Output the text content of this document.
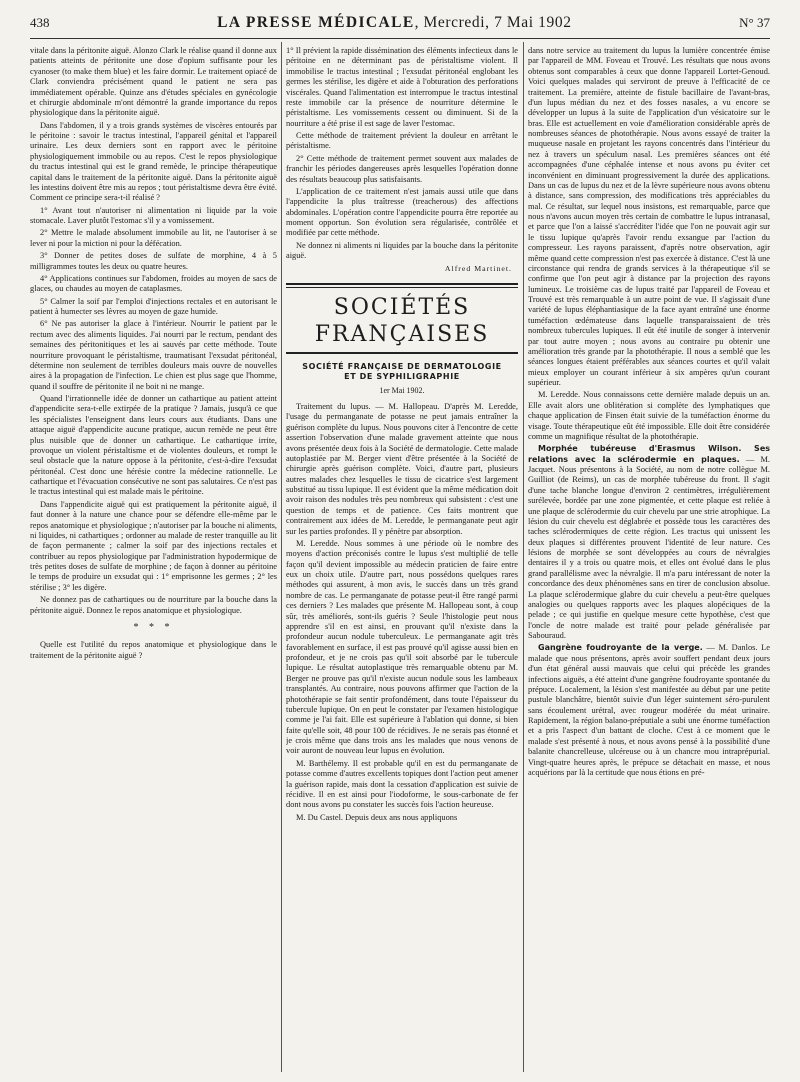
438	LA PRESSE MÉDICALE, Mercredi, 7 Mai 1902	N° 37

vitale dans la péritonite aiguë. Alonzo Clark le réalise quand il donne aux patients atteints de péritonite une dose d'opium suffisante pour les cyanoser (to make them blue) et les faire dormir. Le traitement opiacé de Clark conviendra précisément quand le patient ne sera pas immédiatement opérable. Quinze ans d'études spéciales en gynécologie et chirurgie abdominale m'ont démontré la grande importance du repos physiologique dans la péritonite aiguë.

Dans l'abdomen, il y a trois grands systèmes de viscères entourés par le péritoine : savoir le tractus intestinal, l'appareil génital et l'appareil urinaire. Les deux derniers sont en rapport avec le péritoine physiologiquement immobile ou au repos. C'est le repos physiologique du tractus intestinal qui est le grand remède, le principe thérapeutique capital dans le traitement de la péritonite aiguë. Dans la péritonite aiguë les intestins doivent être mis au repos ; tout péristaltisme devra être évité. Comment ce principe sera-t-il réalisé ?

1° Avant tout n'autoriser ni alimentation ni liquide par la voie stomacale. Laver plutôt l'estomac s'il y a vomissement.

2° Mettre le malade absolument immobile au lit, ne l'autoriser à se lever ni pour la miction ni pour la défécation.

3° Donner de petites doses de sulfate de morphine, 4 à 5 milligrammes toutes les deux ou quatre heures.

4° Applications continues sur l'abdomen, froides au moyen de sacs de glaces, ou chaudes au moyen de cataplasmes.

5° Calmer la soif par l'emploi d'injections rectales et en autorisant le patient à humecter ses lèvres au moyen de gaze humide.

6° Ne pas autoriser la glace à l'intérieur. Nourrir le patient par le rectum avec des aliments liquides. J'ai nourri par le rectum, pendant des semaines des péritonitiques et les ai sauvés par cette méthode. Toute nourriture provoquant le péristaltisme, traumatisant l'exsudat péritonéal, détermine non seulement de terribles douleurs mais ouvre de nouvelles aires à la propagation de l'infection. Le chien est plus sage que l'homme, quand il souffre de péritonite il ne boit ni ne mange.

Quand l'irrationnelle idée de donner un cathartique au patient atteint d'appendicite sera-t-elle extirpée de la pratique ? Jamais, jusqu'à ce que les spécialistes l'enseignent dans leurs cours aux étudiants. Dans une attaque aiguë d'appendicite aucune pratique, aucun remède ne peut être plus nuisible que de donner un cathartique. Le cathartique irrite, provoque un violent péristaltisme et de violentes douleurs, et rompt le seul obstacle que la nature oppose à la péritonite, c'est-à-dire l'exsudat péritonéal. C'est donc une hérésie contre la médecine rationnelle. Le cathartique et l'évacuation consécutive ne sont pas salutaires. Ce n'est pas le tractus intestinal qui est malade mais le péritoine.

Dans l'appendicite aiguë qui est pratiquement la péritonite aiguë, il faut donner à la nature une chance pour se défendre elle-même par le repos anatomique et physiologique ; n'autoriser par la bouche ni aliments, ni liquides, ni cathartiques ; ordonner au malade de rester tranquille au lit de façon permanente ; calmer la soif par des injections rectales et contribuer au repos physiologique par l'administration hypodermique de très petites doses de sulfate de morphine ; de façon à donner au péritoine le temps de produire un exsudat qui : 1° emprisonne les germes ; 2° les stérilise ; 3° les digère.

Ne donnez pas de cathartiques ou de nourriture par la bouche dans la péritonite aiguë. Donnez le repos anatomique et physiologique.

* * *

Quelle est l'utilité du repos anatomique et physiologique dans le traitement de la péritonite aiguë ?

1° Il prévient la rapide dissémination des éléments infectieux dans le péritoine en ne déterminant pas de péristaltisme violent. Il immobilise le tractus intestinal ; l'exsudat péritonéal englobant les germes les stérilise, les digère et aide à l'obturation des perforations viscérales. Quand l'alimentation est interrompue le tractus intestinal reste immobile car la présence de nourriture détermine le péristaltisme. Les vomissements cessent ou diminuent. Si de la nourriture a été prise il est sage de laver l'estomac.

Cette méthode de traitement prévient la douleur en arrêtant le péristaltisme.

2° Cette méthode de traitement permet souvent aux malades de franchir les périodes dangereuses après lesquelles l'opération donne des résultats beaucoup plus satisfaisants.

L'application de ce traitement n'est jamais aussi utile que dans l'appendicite la plus traîtresse (treacherous) des affections abdominales. L'opération contre l'appendicite pourra être reportée au moment opportun. Son évolution sera régularisée, contrôlée et modifiée par cette méthode.

Ne donnez ni aliments ni liquides par la bouche dans la péritonite aiguë.

Alfred Martinet.
SOCIÉTÉS FRANÇAISES
SOCIÉTÉ FRANÇAISE DE DERMATOLOGIE
ET DE SYPHILIGRAPHIE
1er Mai 1902.

Traitement du lupus. — M. Hallopeau. D'après M. Leredde, l'usage du permanganate de potasse ne peut jamais entraîner la guérison complète du lupus. Nous pouvons citer à l'encontre de cette assertion l'observation d'une malade gravement atteinte que nous avons présentée deux fois à la Société de dermatologie. Cette malade autoplastiée par M. Berger vient d'être présentée à la Société de chirurgie après guérison complète. Voici, d'autre part, plusieurs autres malades chez lesquelles le tissu de cicatrice s'est largement substitué au tissu lupique. Il est évident que la même médication doit avoir raison des nodules très peu nombreux qui subsistent : c'est une question de temps et de patience. Ces faits montrent que contrairement aux idées de M. Leredde, le permanganate peut agir sur les parties profondes. Il y pénètre par absorption.

M. Leredde. Nous sommes à une période où le nombre des moyens d'action préconisés contre le lupus s'est multiplié de telle façon qu'il devient impossible au médecin praticien de faire entre eux un choix utile. D'autre part, nous possédons quelques rares méthodes qui assurent, à mon avis, le succès dans un très grand nombre de cas. Le permanganate de potasse peut-il être rangé parmi ces derniers ? Les malades que présente M. Hallopeau sont, à coup sûr, très améliorés, sont-ils guéris ? Seule l'histologie peut nous apprendre s'il en est ainsi, en prouvant qu'il n'existe dans la profondeur aucun nodule tuberculeux. Le permanganate agit très favorablement en surface, il est pas prouvé qu'il agisse aussi bien en profondeur, et je ne crois pas qu'il soit absorbé par le tubercule lupique. Le résultat autoplastique très remarquable obtenu par M. Berger ne prouve pas qu'il n'existe aucun nodule sous les lambeaux transplantés. Au contraire, nous pouvons affirmer que l'action de la photothérapie se fait sentir profondément, dans toute l'épaisseur du tubercule lupique. On en peut le constater par l'examen histologique comme je l'ai fait. Elle est supérieure à l'ablation qui donne, si bien faite qu'elle soit, 48 pour 100 de récidives. Je ne serais pas étonné et je crois même que dans trois ans les malades que nous venons de voir auront de nouveau leur lupus en évolution.

M. Barthélemy. Il est probable qu'il en est du permanganate de potasse comme d'autres excellents topiques dont l'action peut amener la guérison rapide, mais dont la cessation d'application est suivie de récidive. Il en est ainsi pour l'iodoforme, le sous-carbonate de fer dont nous avons pu constater les succès fois l'action heureuse.

M. Du Castel. Depuis deux ans nous appliquons

dans notre service au traitement du lupus la lumière concentrée émise par l'appareil de MM. Foveau et Trouvé. Les résultats que nous avons obtenus sont comparables à ceux que donne l'appareil Lortet-Genoud. Voici quelques malades qui serviront de preuve à l'efficacité de ce traitement. La première, atteinte de fistule bacillaire de l'avant-bras, d'un lupus médian du nez et des fosses nasales, a vu encore se développer un lupus à la suite de l'application d'un vésicatoire sur le bras. Elle est actuellement en voie d'amélioration considérable après de nombreuses séances de photothérapie. Nous avons essayé de traiter la muqueuse nasale en projetant les rayons concentrés dans l'intérieur du nez à travers un spéculum nasal. Les premières séances ont été accompagnées d'une céphalée intense et nous avons pu éviter cet inconvénient en diminuant progressivement la durée des applications. Dans un cas de lupus du nez et de la lèvre supérieure nous avons obtenu à distance, sans compression, des modifications très appréciables du mal. Ce résultat, sur lequel nous insistons, est remarquable, parce que nous n'avons aucun moyen très certain de combattre le lupus intranasal, et parce que l'on a laissé s'accréditer l'idée que l'on ne pouvait agir sur le tissu lupique qu'après l'avoir rendu exsangue par l'action du compresseur. Les rayons paraissent, d'après notre observation, agir même quand cette compression n'est pas exercée à distance. C'est là une circonstance qui rendra de grands services à la thérapeutique s'il se confirme que l'on peut agir à distance par la projection des rayons lumineux. Le troisième cas de lupus traité par l'appareil de Foveau et Trouvé est très remarquable à un autre point de vue. Il s'agissait d'une variété de lupus éléphantiasique de la face ayant entraîné une énorme tuméfaction œdémateuse dans laquelle transparaissaient de très nombreux tubercules lupiques. Il eût été inutile de songer à intervenir par tout autre moyen ; nous avons au contraire pu obtenir une amélioration très grande par la photothérapie. Il nous a semblé que les séances longues étaient préférables aux séances courtes et qu'il valait mieux employer un courant inférieur à six ampères qu'un courant supérieur.

M. Leredde. Nous connaissons cette dernière malade depuis un an. Elle avait alors une oblitération si complète des lymphatiques que chaque application de Finsen était suivie de la tuméfaction énorme du visage. Toute thérapeutique eût été impossible. Elle doit être considérée comme un magnifique résultat de la photothérapie.

Morphée tubéreuse d'Erasmus Wilson. Ses relations avec la sclérodermie en plaques. — M. Jacquet. Nous présentons à la Société, au nom de notre collègue M. Guilliot (de Reims), un cas de morphée tubéreuse du front. Il s'agit d'une tache blanche longue d'environ 2 centimètres, irrégulièrement surélevée, bordée par une zone pigmentée, et cette plaque est reliée à une plaque de sclérodermie du cuir chevelu par une strie atrophique. La lésion du cuir chevelu est déglabrée et possède tous les caractères des taches sclérodermiques de cette région. Les tractus qui unissent les deux plaques si différentes prouvent l'identité de leur nature. Ces lésions de morphée se sont développées au cours de névralgies dentaires il y a trois ou quatre mois, et elles ont évolué dans le plus grand parallélisme avec la névralgie. Il m'a paru intéressant de noter la concordance des deux phénomènes sans en tirer de conclusion absolue. La plaque sclérodermique glabre du cuir chevelu a peut-être quelques analogies ou quelques rapports avec les plaques alopéciques de la pelade ; ce qui justifie en quelque mesure cette hypothèse, c'est que l'oncle de notre malade est traité pour pelade généralisée par Sabouraud.

Gangrène foudroyante de la verge. — M. Danlos. Le malade que nous présentons, après avoir souffert pendant deux jours d'un état général aussi mauvais que celui qui précède les grandes infections aiguës, a été atteint d'une gangrène foudroyante spontanée du prépuce. Localement, la lésion s'est manifestée au début par une petite pustule blanchâtre, bientôt suivie d'un léger suintement séro-purulent sans écoulement urétral, avec rougeur modérée du méat urinaire. Rapidement, la région balano-préputiale a subi une énorme tuméfaction et a pris l'aspect d'un battant de cloche. C'est à ce moment que le malade s'est présenté à nous, et nous avons pensé à la possibilité d'une balanite chancrelleuse, ulcéreuse ou à un chancre mou intraprépurial. Vingt-quatre heures après, le prépuce se détachait en masse, et nous acquérions par là la certitude que nous étions en pré-
